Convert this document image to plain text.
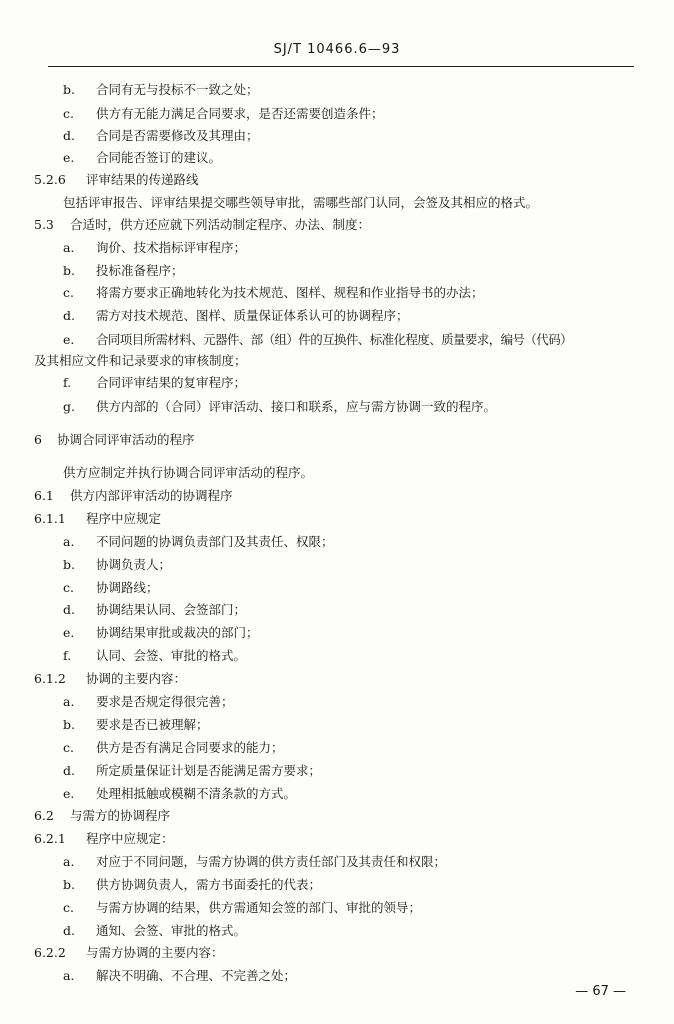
SJ/T 10466.6—93
b. 合同有无与投标不一致之处；
c. 供方有无能力满足合同要求，是否还需要创造条件；
d. 合同是否需要修改及其理由；
e. 合同能否签订的建议。
5.2.6 评审结果的传递路线
包括评审报告、评审结果提交哪些领导审批，需哪些部门认同，会签及其相应的格式。
5.3 合适时，供方还应就下列活动制定程序、办法、制度：
a. 询价、技术指标评审程序；
b. 投标准备程序；
c. 将需方要求正确地转化为技术规范、图样、规程和作业指导书的办法；
d. 需方对技术规范、图样、质量保证体系认可的协调程序；
e. 合同项目所需材料、元器件、部（组）件的互换件、标准化程度、质量要求，编号（代码）
及其相应文件和记录要求的审核制度；
f. 合同评审结果的复审程序；
g. 供方内部的（合同）评审活动、接口和联系，应与需方协调一致的程序。
6 协调合同评审活动的程序
供方应制定并执行协调合同评审活动的程序。
6.1 供方内部评审活动的协调程序
6.1.1 程序中应规定
a. 不同问题的协调负责部门及其责任、权限；
b. 协调负责人；
c. 协调路线；
d. 协调结果认同、会签部门；
e. 协调结果审批或裁决的部门；
f. 认同、会签、审批的格式。
6.1.2 协调的主要内容：
a. 要求是否规定得很完善；
b. 要求是否已被理解；
c. 供方是否有满足合同要求的能力；
d. 所定质量保证计划是否能满足需方要求；
e. 处理相抵触或模糊不清条款的方式。
6.2 与需方的协调程序
6.2.1 程序中应规定：
a. 对应于不同问题，与需方协调的供方责任部门及其责任和权限；
b. 供方协调负责人，需方书面委托的代表；
c. 与需方协调的结果，供方需通知会签的部门、审批的领导；
d. 通知、会签、审批的格式。
6.2.2 与需方协调的主要内容：
a. 解决不明确、不合理、不完善之处；
— 67 —
